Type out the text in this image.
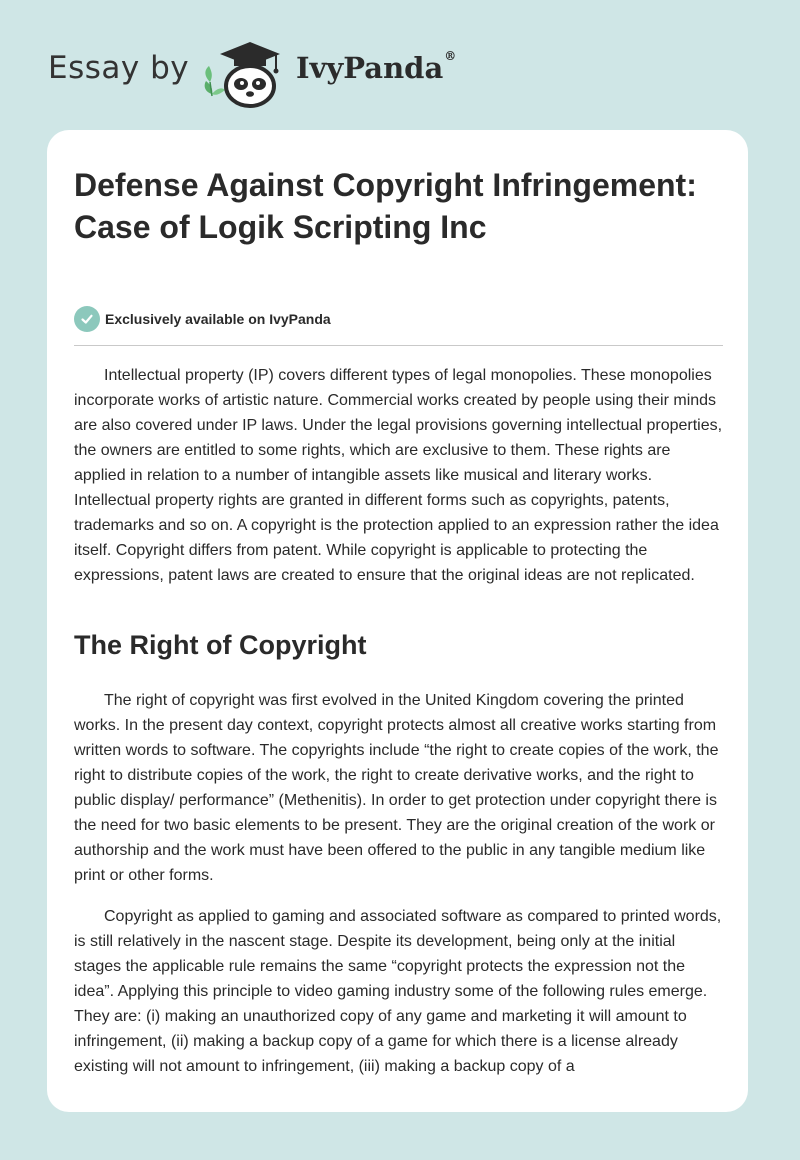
Essay by	IvyPanda®
Defense Against Copyright Infringement: Case of Logik Scripting Inc
Exclusively available on IvyPanda

Intellectual property (IP) covers different types of legal monopolies. These monopolies incorporate works of artistic nature. Commercial works created by people using their minds are also covered under IP laws. Under the legal provisions governing intellectual properties, the owners are entitled to some rights, which are exclusive to them. These rights are applied in relation to a number of intangible assets like musical and literary works. Intellectual property rights are granted in different forms such as copyrights, patents, trademarks and so on. A copyright is the protection applied to an expression rather the idea itself. Copyright differs from patent. While copyright is applicable to protecting the expressions, patent laws are created to ensure that the original ideas are not replicated.

The Right of Copyright

The right of copyright was first evolved in the United Kingdom covering the printed works. In the present day context, copyright protects almost all creative works starting from written words to software. The copyrights include “the right to create copies of the work, the right to distribute copies of the work, the right to create derivative works, and the right to public display/ performance” (Methenitis). In order to get protection under copyright there is the need for two basic elements to be present. They are the original creation of the work or authorship and the work must have been offered to the public in any tangible medium like print or other forms.

Copyright as applied to gaming and associated software as compared to printed words, is still relatively in the nascent stage. Despite its development, being only at the initial stages the applicable rule remains the same “copyright protects the expression not the idea”. Applying this principle to video gaming industry some of the following rules emerge. They are: (i) making an unauthorized copy of any game and marketing it will amount to infringement, (ii) making a backup copy of a game for which there is a license already existing will not amount to infringement, (iii) making a backup copy of a
